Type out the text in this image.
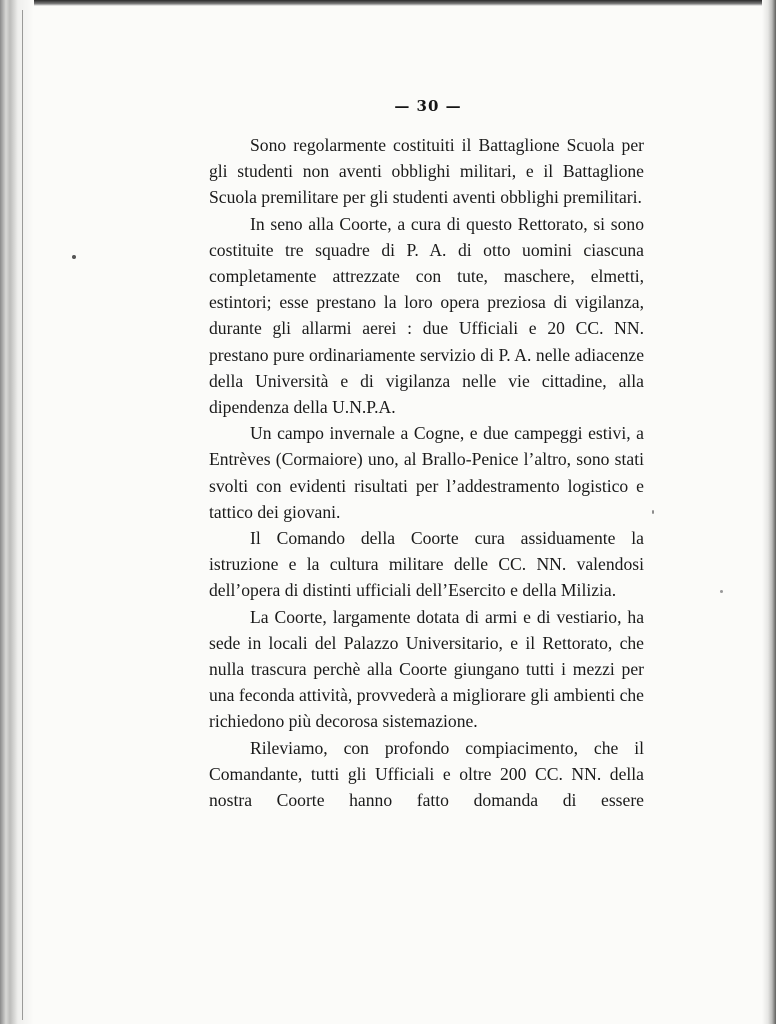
— 30 —

Sono regolarmente costituiti il Battaglione Scuola per gli studenti non aventi obblighi militari, e il Battaglione Scuola premilitare per gli studenti aventi obblighi premilitari.

In seno alla Coorte, a cura di questo Rettorato, si sono costituite tre squadre di P. A. di otto uomini ciascuna completamente attrezzate con tute, maschere, elmetti, estintori; esse prestano la loro opera preziosa di vigilanza, durante gli allarmi aerei : due Ufficiali e 20 CC. NN. prestano pure ordinariamente servizio di P. A. nelle adiacenze della Università e di vigilanza nelle vie cittadine, alla dipendenza della U.N.P.A.

Un campo invernale a Cogne, e due campeggi estivi, a Entrèves (Cormaiore) uno, al Brallo-Penice l’altro, sono stati svolti con evidenti risultati per l’addestramento logistico e tattico dei giovani.

Il Comando della Coorte cura assiduamente la istruzione e la cultura militare delle CC. NN. valendosi dell’opera di distinti ufficiali dell’Esercito e della Milizia.

La Coorte, largamente dotata di armi e di vestiario, ha sede in locali del Palazzo Universitario, e il Rettorato, che nulla trascura perchè alla Coorte giungano tutti i mezzi per una feconda attività, provvederà a migliorare gli ambienti che richiedono più decorosa sistemazione.

Rileviamo, con profondo compiacimento, che il Comandante, tutti gli Ufficiali e oltre 200 CC. NN. della nostra Coorte hanno fatto domanda di essere
